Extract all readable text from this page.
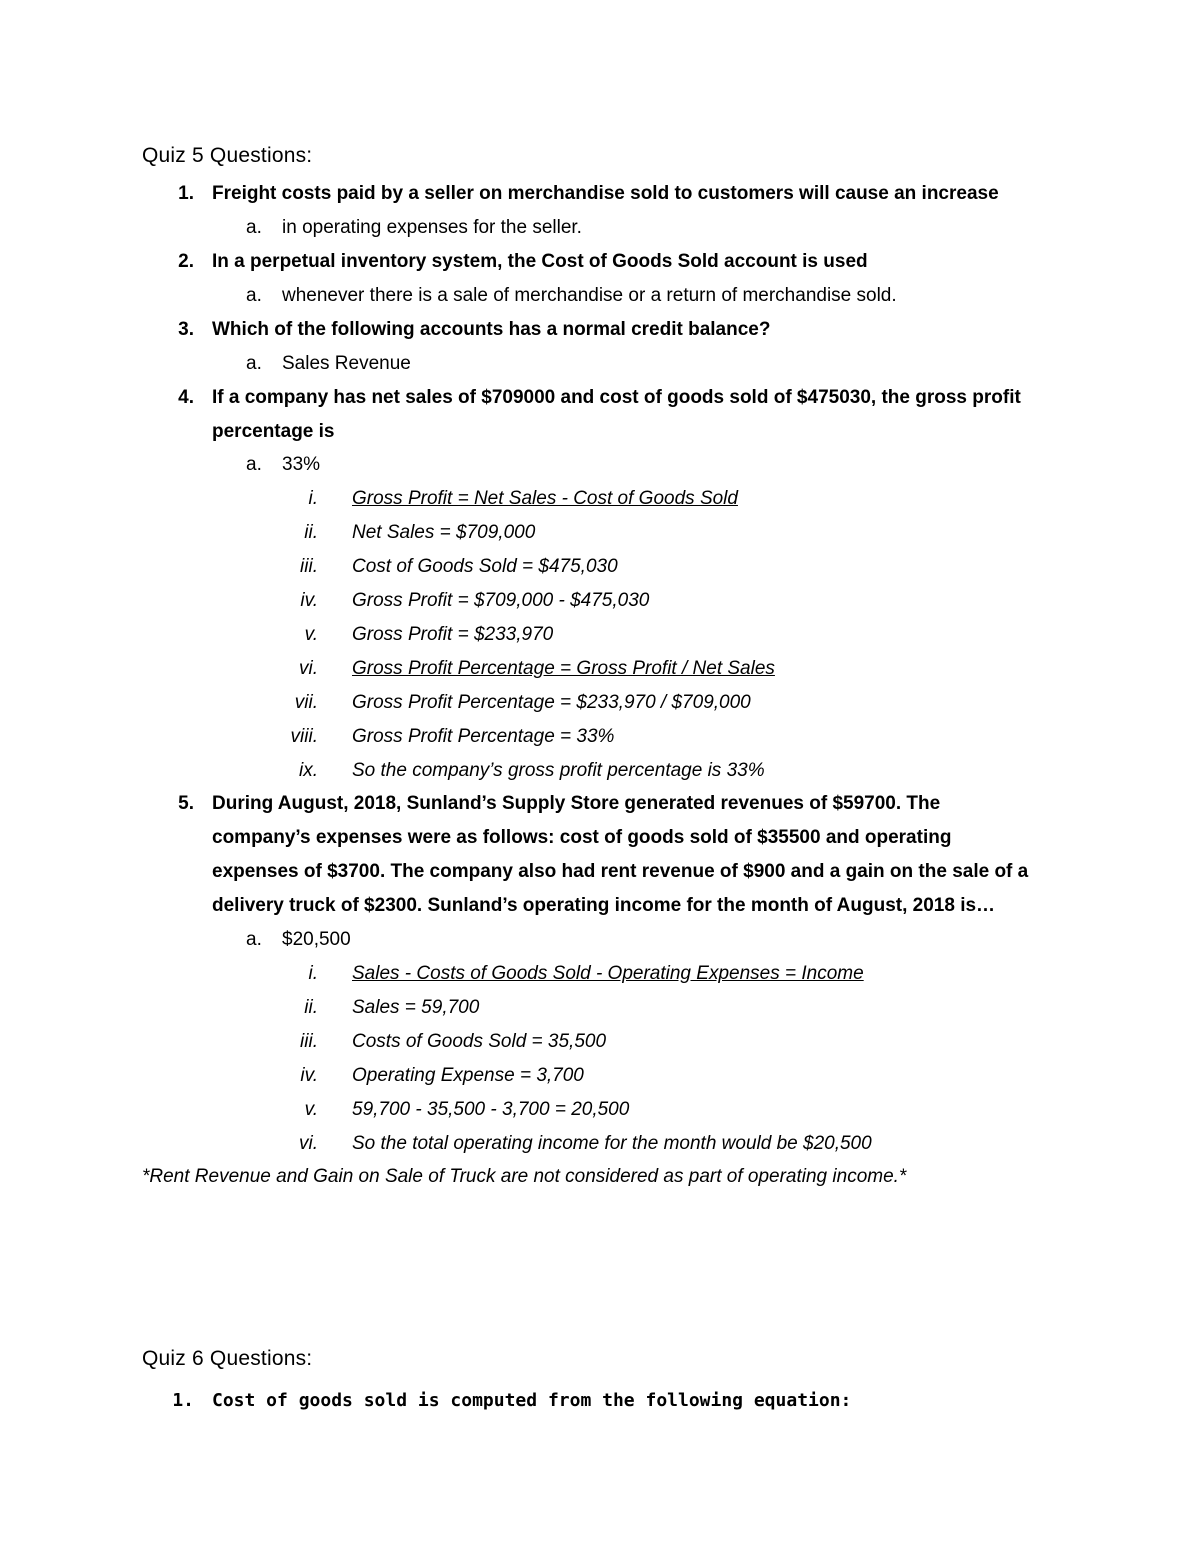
Quiz 5 Questions:
1. Freight costs paid by a seller on merchandise sold to customers will cause an increase
a.	in operating expenses for the seller.
2. In a perpetual inventory system, the Cost of Goods Sold account is used
a.	whenever there is a sale of merchandise or a return of merchandise sold.
3. Which of the following accounts has a normal credit balance?
a.	Sales Revenue
4. If a company has net sales of $709000 and cost of goods sold of $475030, the gross profit
percentage is
a.	33%
i. Gross Profit = Net Sales - Cost of Goods Sold
ii. Net Sales = $709,000
iii. Cost of Goods Sold = $475,030
iv. Gross Profit = $709,000 - $475,030
v. Gross Profit = $233,970
vi. Gross Profit Percentage = Gross Profit / Net Sales
vii. Gross Profit Percentage = $233,970 / $709,000
viii. Gross Profit Percentage = 33%
ix. So the company’s gross profit percentage is 33%
5. During August, 2018, Sunland’s Supply Store generated revenues of $59700. The
company’s expenses were as follows: cost of goods sold of $35500 and operating
expenses of $3700. The company also had rent revenue of $900 and a gain on the sale of a
delivery truck of $2300. Sunland’s operating income for the month of August, 2018 is…
a.	$20,500
i. Sales - Costs of Goods Sold - Operating Expenses = Income
ii. Sales = 59,700
iii. Costs of Goods Sold = 35,500
iv. Operating Expense = 3,700
v. 59,700 - 35,500 - 3,700 = 20,500
vi. So the total operating income for the month would be $20,500
*Rent Revenue and Gain on Sale of Truck are not considered as part of operating income.*
Quiz 6 Questions:
1. Cost of goods sold is computed from the following equation:
